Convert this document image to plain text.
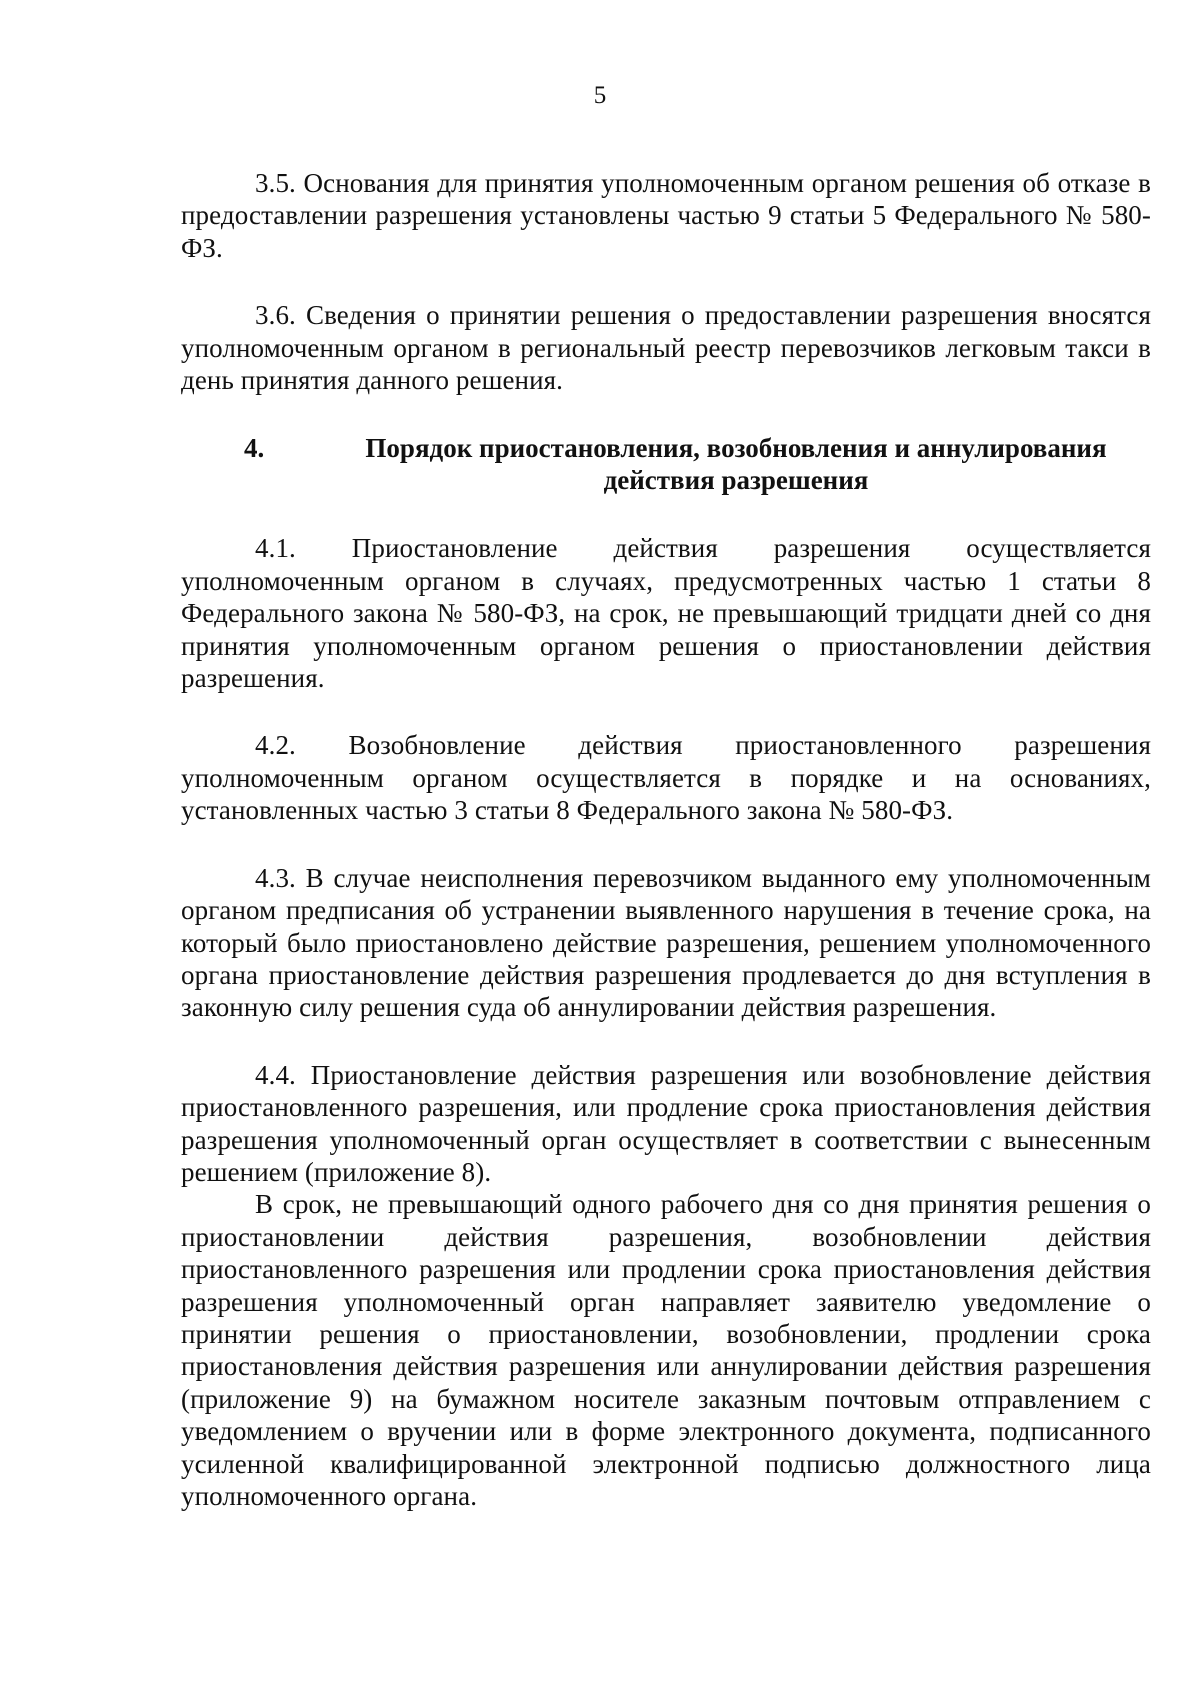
5

3.5. Основания для принятия уполномоченным органом решения об отказе в предоставлении разрешения установлены частью 9 статьи 5 Федерального № 580-ФЗ.

3.6. Сведения о принятии решения о предоставлении разрешения вносятся уполномоченным органом в региональный реестр перевозчиков легковым такси в день принятия данного решения.

4.	Порядок приостановления, возобновления и аннулирования действия разрешения

4.1. Приостановление действия разрешения осуществляется уполномоченным органом в случаях, предусмотренных частью 1 статьи 8 Федерального закона № 580-ФЗ, на срок, не превышающий тридцати дней со дня принятия уполномоченным органом решения о приостановлении действия разрешения.

4.2. Возобновление действия приостановленного разрешения уполномоченным органом осуществляется в порядке и на основаниях, установленных частью 3 статьи 8 Федерального закона № 580-ФЗ.

4.3. В случае неисполнения перевозчиком выданного ему уполномоченным органом предписания об устранении выявленного нарушения в течение срока, на который было приостановлено действие разрешения, решением уполномоченного органа приостановление действия разрешения продлевается до дня вступления в законную силу решения суда об аннулировании действия разрешения.

4.4. Приостановление действия разрешения или возобновление действия приостановленного разрешения, или продление срока приостановления действия разрешения уполномоченный орган осуществляет в соответствии с вынесенным решением (приложение 8).

В срок, не превышающий одного рабочего дня со дня принятия решения о приостановлении действия разрешения, возобновлении действия приостановленного разрешения или продлении срока приостановления действия разрешения уполномоченный орган направляет заявителю уведомление о принятии решения о приостановлении, возобновлении, продлении срока приостановления действия разрешения или аннулировании действия разрешения (приложение 9) на бумажном носителе заказным почтовым отправлением с уведомлением о вручении или в форме электронного документа, подписанного усиленной квалифицированной электронной подписью должностного лица уполномоченного органа.
